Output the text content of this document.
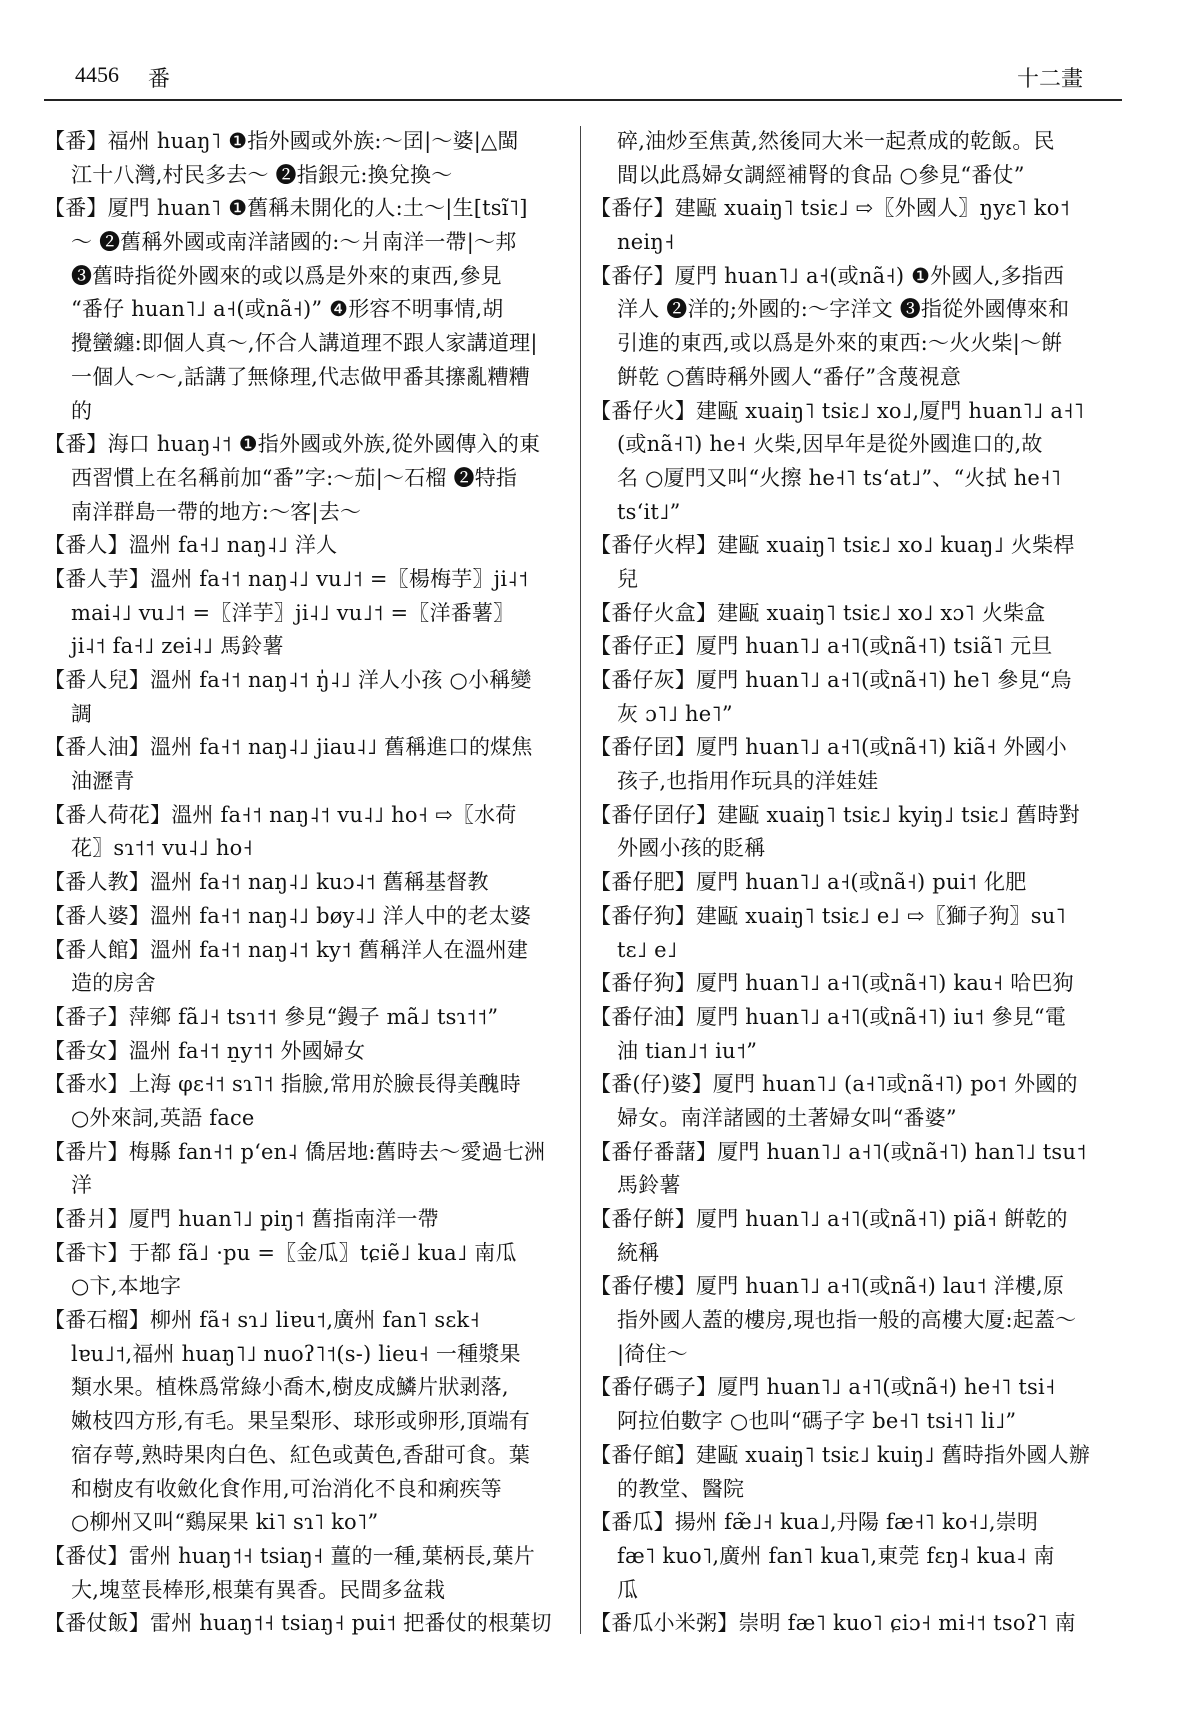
4456 番	十二畫
【番】福州 huaŋ˥ ❶指外國或外族:～囝|～婆|△閩
江十八灣,村民多去～ ❷指銀元:換兌換～
【番】厦門 huan˥ ❶舊稱未開化的人:土～|生[tsĩ˥]
～ ❷舊稱外國或南洋諸國的:～爿南洋一帶|～邦
❸舊時指從外國來的或以爲是外來的東西,參見
“番仔 huan˥˩ a˧(或nã˧)” ❹形容不明事情,胡
攪蠻纏:即個人真～,伓合人講道理不跟人家講道理|
一個人～～,話講了無條理,代志做甲番其㩟亂糟糟
的
【番】海口 huaŋ˨˦ ❶指外國或外族,從外國傳入的東
西習慣上在名稱前加“番”字:～茄|～石榴 ❷特指
南洋群島一帶的地方:～客|去～
【番人】溫州 fa˧˩ naŋ˨˩ 洋人
【番人芋】溫州 fa˧˦ naŋ˨˩ vu˩˦ =〖楊梅芋〗ji˨˦
mai˨˩ vu˩˦ =〖洋芋〗ji˨˩ vu˩˦ =〖洋番薯〗
ji˨˦ fa˧˩ zei˨˩ 馬鈴薯
【番人兒】溫州 fa˧˦ naŋ˨˦ ŋ̍˨˩ 洋人小孩 ○小稱變
調
【番人油】溫州 fa˧˦ naŋ˨˩ jiau˨˩ 舊稱進口的煤焦
油瀝青
【番人荷花】溫州 fa˧˦ naŋ˨˦ vu˨˩ ho˧ ⇨〖水荷
花〗sɿ˦˦ vu˨˩ ho˧
【番人教】溫州 fa˧˦ naŋ˨˩ kuɔ˨˦ 舊稱基督教
【番人婆】溫州 fa˧˦ naŋ˨˩ bøy˨˩ 洋人中的老太婆
【番人館】溫州 fa˧˦ naŋ˨˦ ky˦ 舊稱洋人在溫州建
造的房舍
【番子】萍鄉 fã˩˧ tsɿ˦˦ 參見“鏝子 mã˩ tsɿ˦˦”
【番女】溫州 fa˧˦ n̠y˦˦ 外國婦女
【番水】上海 φɛ˧˦ sɿ˥˦ 指臉,常用於臉長得美醜時
○外來詞,英語 face
【番片】梅縣 fan˧˦ pʻen˨ 僑居地:舊時去～愛過七洲
洋
【番爿】厦門 huan˥˩ piŋ˦ 舊指南洋一帶
【番卞】于都 fã˩ ·pu =〖金瓜〗tɕiẽ˩ kua˩ 南瓜
○卞,本地字
【番石榴】柳州 fã˧ sɿ˩ liɐu˦,廣州 fan˥ sɛk˧
lɐu˩˦,福州 huaŋ˥˩ nuoʔ˥˦(s-) lieu˧ 一種漿果
類水果。植株爲常綠小喬木,樹皮成鱗片狀剥落,
嫩枝四方形,有毛。果呈梨形、球形或卵形,頂端有
宿存萼,熟時果肉白色、紅色或黃色,香甜可食。葉
和樹皮有收斂化食作用,可治消化不良和痢疾等
○柳州又叫“鷄屎果 ki˥ sɿ˥ ko˥”
【番仗】雷州 huaŋ˦˧ tsiaŋ˧ 薑的一種,葉柄長,葉片
大,塊莖長棒形,根葉有異香。民間多盆栽
【番仗飯】雷州 huaŋ˦˧ tsiaŋ˧ pui˦ 把番仗的根葉切
碎,油炒至焦黃,然後同大米一起煮成的乾飯。民
間以此爲婦女調經補腎的食品 ○參見“番仗”
【番仔】建甌 xuaiŋ˥ tsiɛ˩ ⇨〖外國人〗ŋyɛ˥ ko˦
neiŋ˧
【番仔】厦門 huan˥˩ a˧(或nã˧) ❶外國人,多指西
洋人 ❷洋的;外國的:～字洋文 ❸指從外國傳來和
引進的東西,或以爲是外來的東西:～火火柴|～餠
餠乾 ○舊時稱外國人“番仔”含蔑視意
【番仔火】建甌 xuaiŋ˥ tsiɛ˩ xo˩,厦門 huan˥˩ a˧˥
(或nã˧˥) he˧ 火柴,因早年是從外國進口的,故
名 ○厦門又叫“火擦 he˧˥ tsʻat˩”、“火拭 he˧˥
tsʻit˩”
【番仔火桿】建甌 xuaiŋ˥ tsiɛ˩ xo˩ kuaŋ˩ 火柴桿
兒
【番仔火盒】建甌 xuaiŋ˥ tsiɛ˩ xo˩ xɔ˥ 火柴盒
【番仔正】厦門 huan˥˩ a˧˥(或nã˧˥) tsiã˥ 元旦
【番仔灰】厦門 huan˥˩ a˧˥(或nã˧˥) he˥ 參見“烏
灰 ɔ˥˩ he˥”
【番仔囝】厦門 huan˥˩ a˧˥(或nã˧˥) kiã˧ 外國小
孩子,也指用作玩具的洋娃娃
【番仔囝仔】建甌 xuaiŋ˥ tsiɛ˩ kyiŋ˩ tsiɛ˩ 舊時對
外國小孩的貶稱
【番仔肥】厦門 huan˥˩ a˧(或nã˧) pui˦ 化肥
【番仔狗】建甌 xuaiŋ˥ tsiɛ˩ e˩ ⇨〖獅子狗〗su˥
tɛ˩ e˩
【番仔狗】厦門 huan˥˩ a˧˥(或nã˧˥) kau˧ 哈巴狗
【番仔油】厦門 huan˥˩ a˧˥(或nã˧˥) iu˦ 參見“電
油 tian˩˦ iu˦”
【番(仔)婆】厦門 huan˥˩ (a˧˥或nã˧˥) po˦ 外國的
婦女。南洋諸國的土著婦女叫“番婆”
【番仔番藷】厦門 huan˥˩ a˧˥(或nã˧˥) han˥˩ tsu˦
馬鈴薯
【番仔餠】厦門 huan˥˩ a˧˥(或nã˧˥) piã˧ 餠乾的
統稱
【番仔樓】厦門 huan˥˩ a˧˥(或nã˧) lau˦ 洋樓,原
指外國人蓋的樓房,現也指一般的高樓大厦:起蓋～
|徛住～
【番仔碼子】厦門 huan˥˩ a˧˥(或nã˧) he˧˥ tsi˧
阿拉伯數字 ○也叫“碼子字 be˧˥ tsi˧˥ li˩”
【番仔館】建甌 xuaiŋ˥ tsiɛ˩ kuiŋ˩ 舊時指外國人辦
的教堂、醫院
【番瓜】揚州 fæ̃˩˧ kua˩,丹陽 fæ˧˥ ko˧˩,崇明
fæ˥ kuo˥,廣州 fan˥ kua˥,東莞 fɛŋ˨ kua˨ 南
瓜
【番瓜小米粥】崇明 fæ˥ kuo˥ ɕiɔ˧ mi˧˦ tsoʔ˥ 南
